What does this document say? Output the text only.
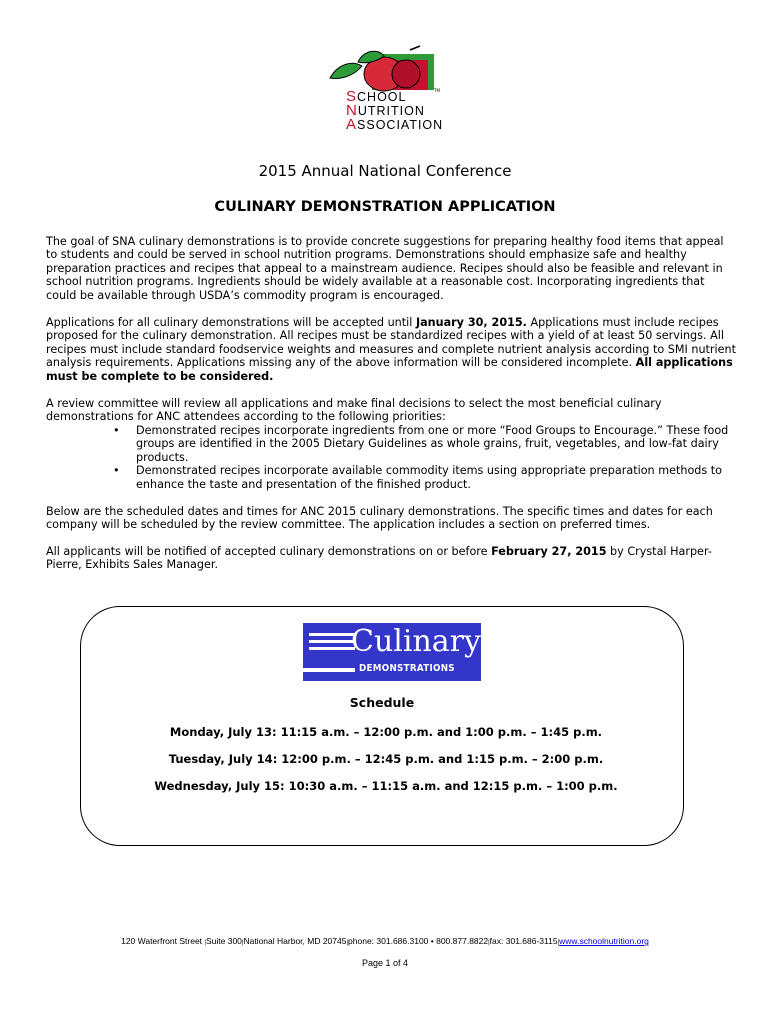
SCHOOL
NUTRITION
ASSOCIATION
TM
2015 Annual National Conference
CULINARY DEMONSTRATION APPLICATION

The goal of SNA culinary demonstrations is to provide concrete suggestions for preparing healthy food items that appeal to students and could be served in school nutrition programs. Demonstrations should emphasize safe and healthy preparation practices and recipes that appeal to a mainstream audience. Recipes should also be feasible and relevant in school nutrition programs. Ingredients should be widely available at a reasonable cost. Incorporating ingredients that could be available through USDA’s commodity program is encouraged.

Applications for all culinary demonstrations will be accepted until January 30, 2015. Applications must include recipes proposed for the culinary demonstration. All recipes must be standardized recipes with a yield of at least 50 servings. All recipes must include standard foodservice weights and measures and complete nutrient analysis according to SMI nutrient analysis requirements. Applications missing any of the above information will be considered incomplete. All applications must be complete to be considered.

A review committee will review all applications and make final decisions to select the most beneficial culinary demonstrations for ANC attendees according to the following priorities:

• Demonstrated recipes incorporate ingredients from one or more “Food Groups to Encourage.” These food groups are identified in the 2005 Dietary Guidelines as whole grains, fruit, vegetables, and low-fat dairy products.

• Demonstrated recipes incorporate available commodity items using appropriate preparation methods to enhance the taste and presentation of the finished product.

Below are the scheduled dates and times for ANC 2015 culinary demonstrations. The specific times and dates for each company will be scheduled by the review committee. The application includes a section on preferred times.

All applicants will be notified of accepted culinary demonstrations on or before February 27, 2015 by Crystal Harper-Pierre, Exhibits Sales Manager.

Culinary
DEMONSTRATIONS
Schedule
Monday, July 13: 11:15 a.m. – 12:00 p.m. and 1:00 p.m. – 1:45 p.m.
Tuesday, July 14: 12:00 p.m. – 12:45 p.m. and 1:15 p.m. – 2:00 p.m.
Wednesday, July 15: 10:30 a.m. – 11:15 a.m. and 12:15 p.m. – 1:00 p.m.
120 Waterfront Street |Suite 300|National Harbor, MD 20745|phone: 301.686.3100 • 800.877.8822|fax: 301.686-3115|www.schoolnutrition.org
Page 1 of 4
